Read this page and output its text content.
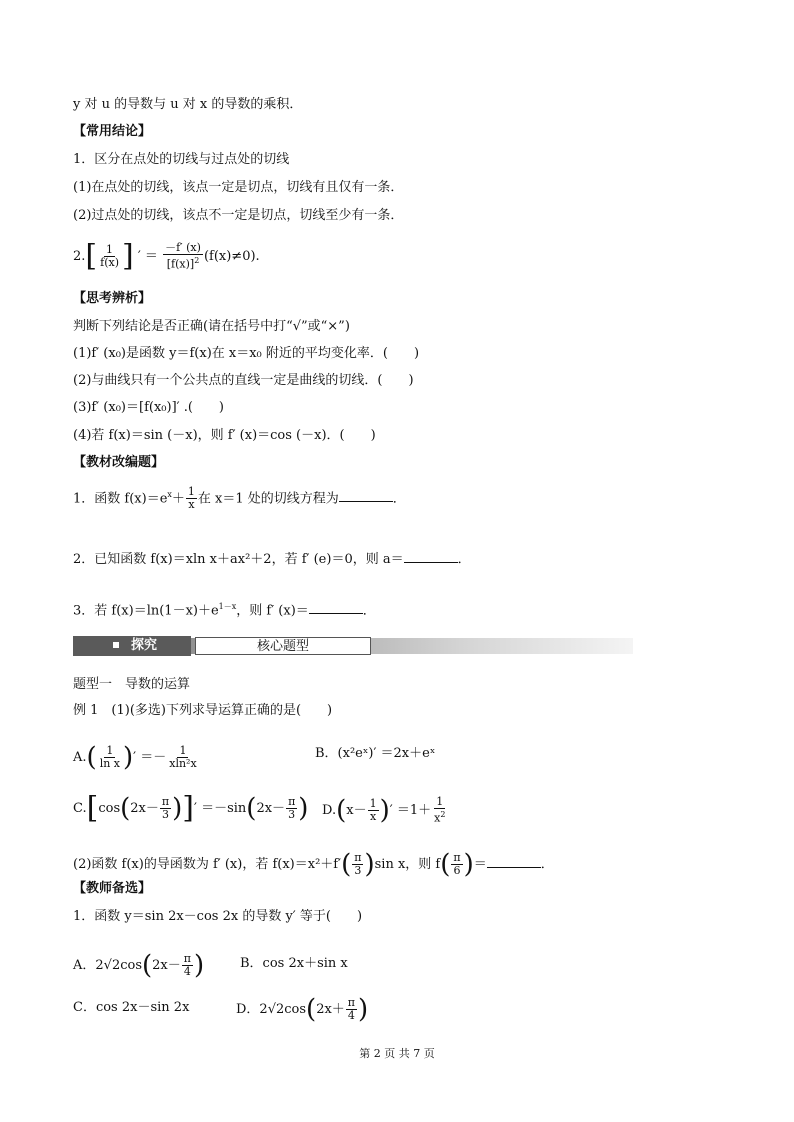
y 对 u 的导数与 u 对 x 的导数的乘积．
【常用结论】
1．区分在点处的切线与过点处的切线
(1)在点处的切线，该点一定是切点，切线有且仅有一条．
(2)过点处的切线，该点不一定是切点，切线至少有一条．
$2.[ \frac{1}{f(x)}$ ] ′ ＝ $\frac{-f' (x)}{[f(x)]^2} (f(x)\ne 0)$.
【思考辨析】
判断下列结论是否正确(请在括号中打“√”或“×”)
(1)f′ (x₀)是函数 y＝f(x)在 x＝x₀ 附近的平均变化率．(　　)
(2)与曲线只有一个公共点的直线一定是曲线的切线．(　　)
(3)f′ (x₀)＝[f(x₀)]′ .(　　)
(4)若 f(x)＝sin (－x)，则 f′ (x)＝cos (－x)．(　　)
【教材改编题】
1．函数 $f(x)=e^x+ \frac{1}{x}$ 在 x＝1 处的切线方程为	．
2．已知函数 f(x)＝xln x＋ax²＋2，若 f′ (e)＝0，则 a＝	．
3．若 $f(x)=\ln(1-x)+e^{1-x}$，则 f′ (x)＝	．
探究	核心题型
题型一　导数的运算
例 1　(1)(多选)下列求导运算正确的是(　　)
$A.( \frac{1}{\text{ln x}}$ )′ ＝－ $\frac{1}{\text{xln²x}}$	B．(x²eˣ)′ ＝2x＋eˣ
$C.[\cos(2x- \frac{\pi}{3}$ )]′ $=-\sin(2x- \frac{\pi}{3}$ ) $D.(x- \frac{1}{x}$ )′ $=1+ \frac{1}{x^2}$
(2)函数 f(x)的导函数为 f′ (x)，若 $f(x)=x^2+f'( \frac{\pi}{3} )\sin$ x，则 $f( \frac{\pi}{6}$ )＝	．
【教师备选】
1．函数 y＝sin 2x－cos 2x 的导数 y′ 等于(　　)
A．$2√2\cos(2x- \frac{\pi}{4}$ )	B．cos 2x＋sin x
C．cos 2x－sin 2x	D．$2√2\cos(2x+ \frac{\pi}{4}$ )
第 2 页 共 7 页
